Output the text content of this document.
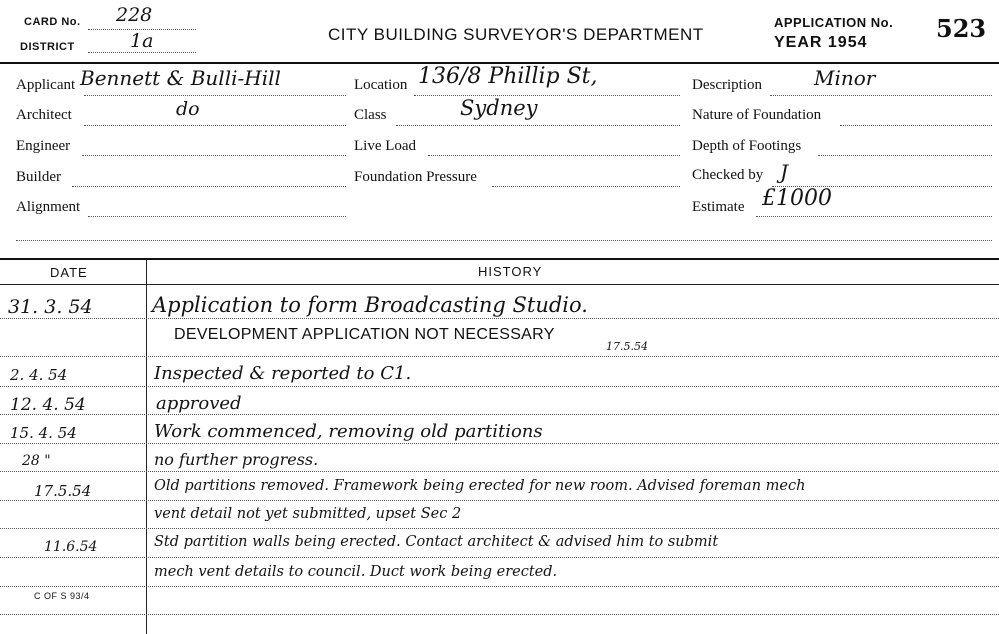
CARD No. 228
DISTRICT	1a	CITY BUILDING SURVEYOR'S DEPARTMENT
APPLICATION No. 523
YEAR 1954
Applicant Bennett & Bulli-Hill
Architect	do
Engineer
Builder
Alignment
Location 136/8 Phillip St,
Class	Sydney
Live Load
Foundation Pressure
Description	Minor
Nature of Foundation
Depth of Footings
Checked by J
Estimate £1000
DATE	HISTORY
31. 3. 54	Application to form Broadcasting Studio.
DEVELOPMENT APPLICATION NOT NECESSARY
17.5.54
2. 4. 54	Inspected & reported to C1.
12. 4. 54	approved
15. 4. 54	Work commenced, removing old partitions
28 "	no further progress.
17.5.54	Old partitions removed. Framework being erected for new room. Advised foreman mech
vent detail not yet submitted, upset Sec 2
11.6.54	Std partition walls being erected. Contact architect & advised him to submit
mech vent details to council. Duct work being erected.
C OF S 93/4
